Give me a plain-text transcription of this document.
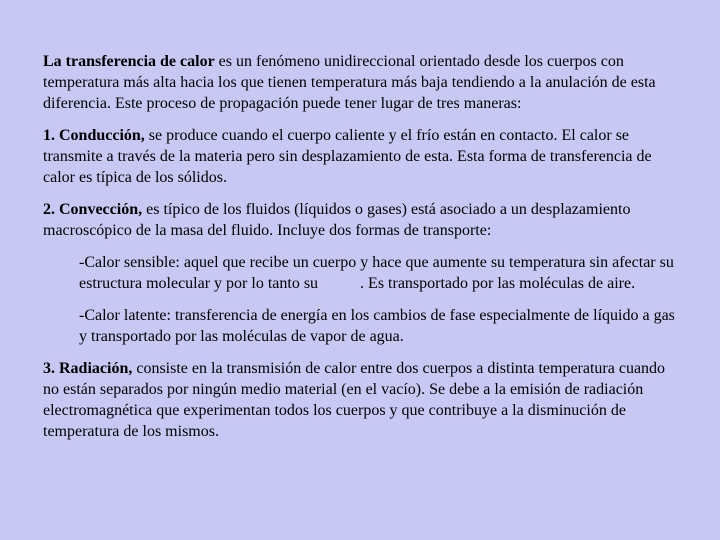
La transferencia de calor es un fenómeno unidireccional orientado desde los cuerpos con temperatura más alta hacia los que tienen temperatura más baja tendiendo a la anulación de esta diferencia. Este proceso de propagación puede tener lugar de tres maneras:

1. Conducción, se produce cuando el cuerpo caliente y el frío están en contacto. El calor se transmite a través de la materia pero sin desplazamiento de esta. Esta forma de transferencia de calor es típica de los sólidos.

2. Convección, es típico de los fluidos (líquidos o gases) está asociado a un desplazamiento macroscópico de la masa del fluido. Incluye dos formas de transporte:

-Calor sensible: aquel que recibe un cuerpo y hace que aumente su temperatura sin afectar su estructura molecular y por lo tanto su	. Es transportado por las moléculas de aire.

-Calor latente: transferencia de energía en los cambios de fase especialmente de líquido a gas y transportado por las moléculas de vapor de agua.

3. Radiación, consiste en la transmisión de calor entre dos cuerpos a distinta temperatura cuando no están separados por ningún medio material (en el vacío). Se debe a la emisión de radiación electromagnética que experimentan todos los cuerpos y que contribuye a la disminución de temperatura de los mismos.
